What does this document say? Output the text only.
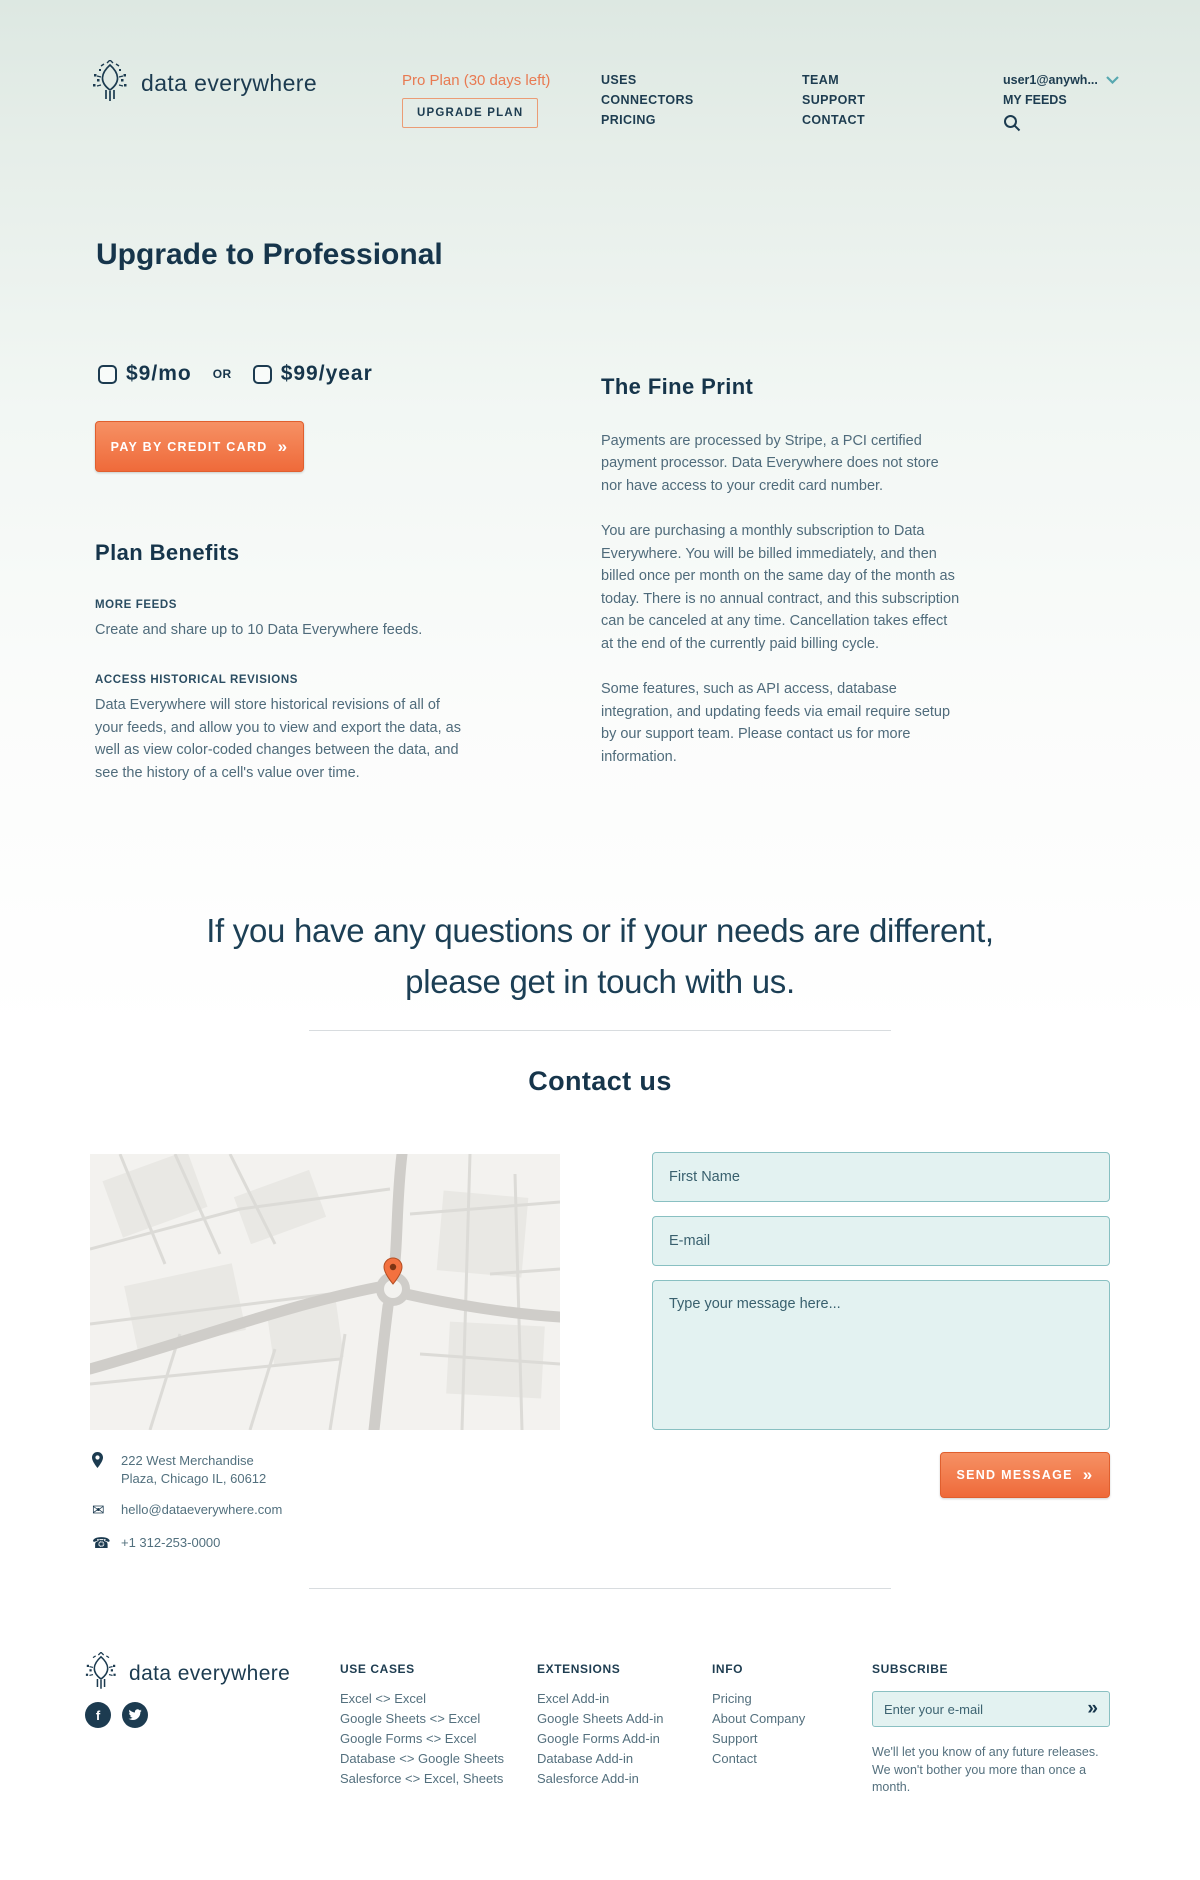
data everywhere	Pro Plan (30 days left)
UPGRADE PLAN
USES
CONNECTORS
PRICING
TEAM
SUPPORT
CONTACT
user1@anywh...
MY FEEDS
Upgrade to Professional
$9/mo OR $99/year
PAY BY CREDIT CARD »
Plan Benefits
MORE FEEDS
Create and share up to 10 Data Everywhere feeds.
ACCESS HISTORICAL REVISIONS
Data Everywhere will store historical revisions of all of your feeds, and allow you to view and export the data, as well as view color-coded changes between the data, and see the history of a cell's value over time.
The Fine Print

Payments are processed by Stripe, a PCI certified payment processor. Data Everywhere does not store nor have access to your credit card number.

You are purchasing a monthly subscription to Data Everywhere. You will be billed immediately, and then billed once per month on the same day of the month as today. There is no annual contract, and this subscription can be canceled at any time. Cancellation takes effect at the end of the currently paid billing cycle.

Some features, such as API access, database integration, and updating feeds via email require setup by our support team. Please contact us for more information.

If you have any questions or if your needs are different,
please get in touch with us.
Contact us
222 West Merchandise
Plaza, Chicago IL, 60612
✉	hello@dataeverywhere.com
☎ +1 312-253-0000
First Name
E-mail
Type your message here...
SEND MESSAGE »
data everywhere
f
USE CASES
Excel <> Excel
Google Sheets <> Excel
Google Forms <> Excel
Database <> Google Sheets
Salesforce <> Excel, Sheets
EXTENSIONS
Excel Add-in
Google Sheets Add-in
Google Forms Add-in
Database Add-in
Salesforce Add-in
INFO
Pricing
About Company
Support
Contact
SUBSCRIBE
Enter your e-mail
»
We'll let you know of any future releases.
We won't bother you more than once a month.
